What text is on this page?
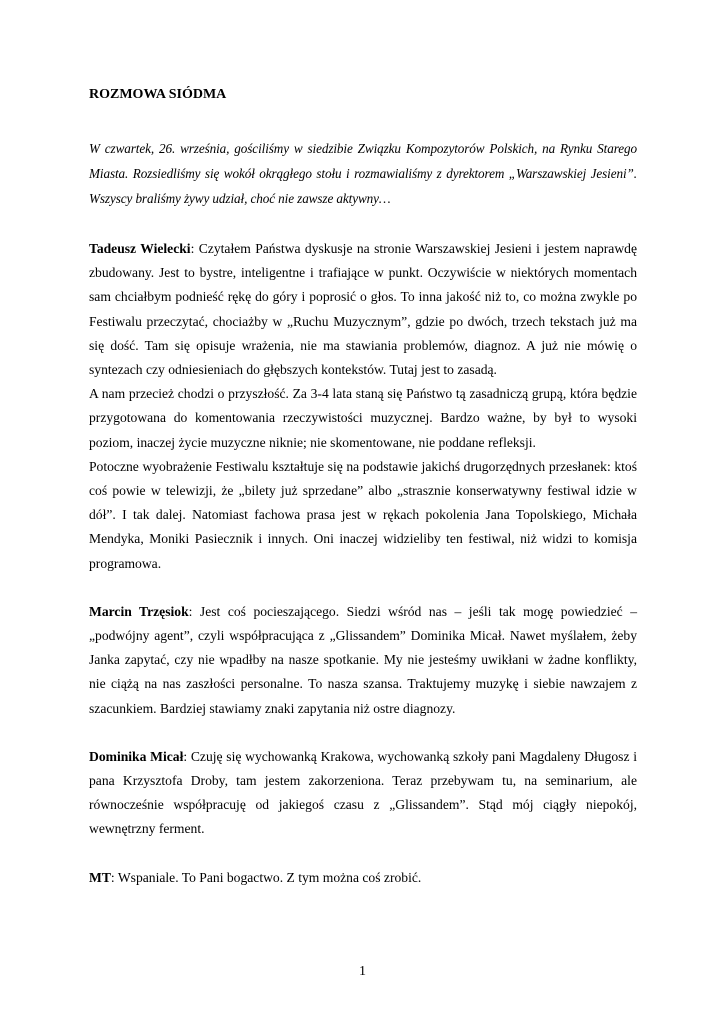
ROZMOWA SIÓDMA

W czwartek, 26. września, gościliśmy w siedzibie Związku Kompozytorów Polskich, na Rynku Starego Miasta. Rozsiedliśmy się wokół okrągłego stołu i rozmawialiśmy z dyrektorem „Warszawskiej Jesieni”. Wszyscy braliśmy żywy udział, choć nie zawsze aktywny…

Tadeusz Wielecki: Czytałem Państwa dyskusje na stronie Warszawskiej Jesieni i jestem naprawdę zbudowany. Jest to bystre, inteligentne i trafiające w punkt. Oczywiście w niektórych momentach sam chciałbym podnieść rękę do góry i poprosić o głos. To inna jakość niż to, co można zwykle po Festiwalu przeczytać, chociażby w „Ruchu Muzycznym”, gdzie po dwóch, trzech tekstach już ma się dość. Tam się opisuje wrażenia, nie ma stawiania problemów, diagnoz. A już nie mówię o syntezach czy odniesieniach do głębszych kontekstów. Tutaj jest to zasadą.

A nam przecież chodzi o przyszłość. Za 3-4 lata staną się Państwo tą zasadniczą grupą, która będzie przygotowana do komentowania rzeczywistości muzycznej. Bardzo ważne, by był to wysoki poziom, inaczej życie muzyczne niknie; nie skomentowane, nie poddane refleksji.

Potoczne wyobrażenie Festiwalu kształtuje się na podstawie jakichś drugorzędnych przesłanek: ktoś coś powie w telewizji, że „bilety już sprzedane” albo „strasznie konserwatywny festiwal idzie w dół”. I tak dalej. Natomiast fachowa prasa jest w rękach pokolenia Jana Topolskiego, Michała Mendyka, Moniki Pasiecznik i innych. Oni inaczej widzieliby ten festiwal, niż widzi to komisja programowa.

Marcin Trzęsiok: Jest coś pocieszającego. Siedzi wśród nas – jeśli tak mogę powiedzieć – „podwójny agent”, czyli współpracująca z „Glissandem” Dominika Micał. Nawet myślałem, żeby Janka zapytać, czy nie wpadłby na nasze spotkanie. My nie jesteśmy uwikłani w żadne konflikty, nie ciążą na nas zaszłości personalne. To nasza szansa. Traktujemy muzykę i siebie nawzajem z szacunkiem. Bardziej stawiamy znaki zapytania niż ostre diagnozy.

Dominika Micał: Czuję się wychowanką Krakowa, wychowanką szkoły pani Magdaleny Długosz i pana Krzysztofa Droby, tam jestem zakorzeniona. Teraz przebywam tu, na seminarium, ale równocześnie współpracuję od jakiegoś czasu z „Glissandem”. Stąd mój ciągły niepokój, wewnętrzny ferment.

MT: Wspaniale. To Pani bogactwo. Z tym można coś zrobić.

1
